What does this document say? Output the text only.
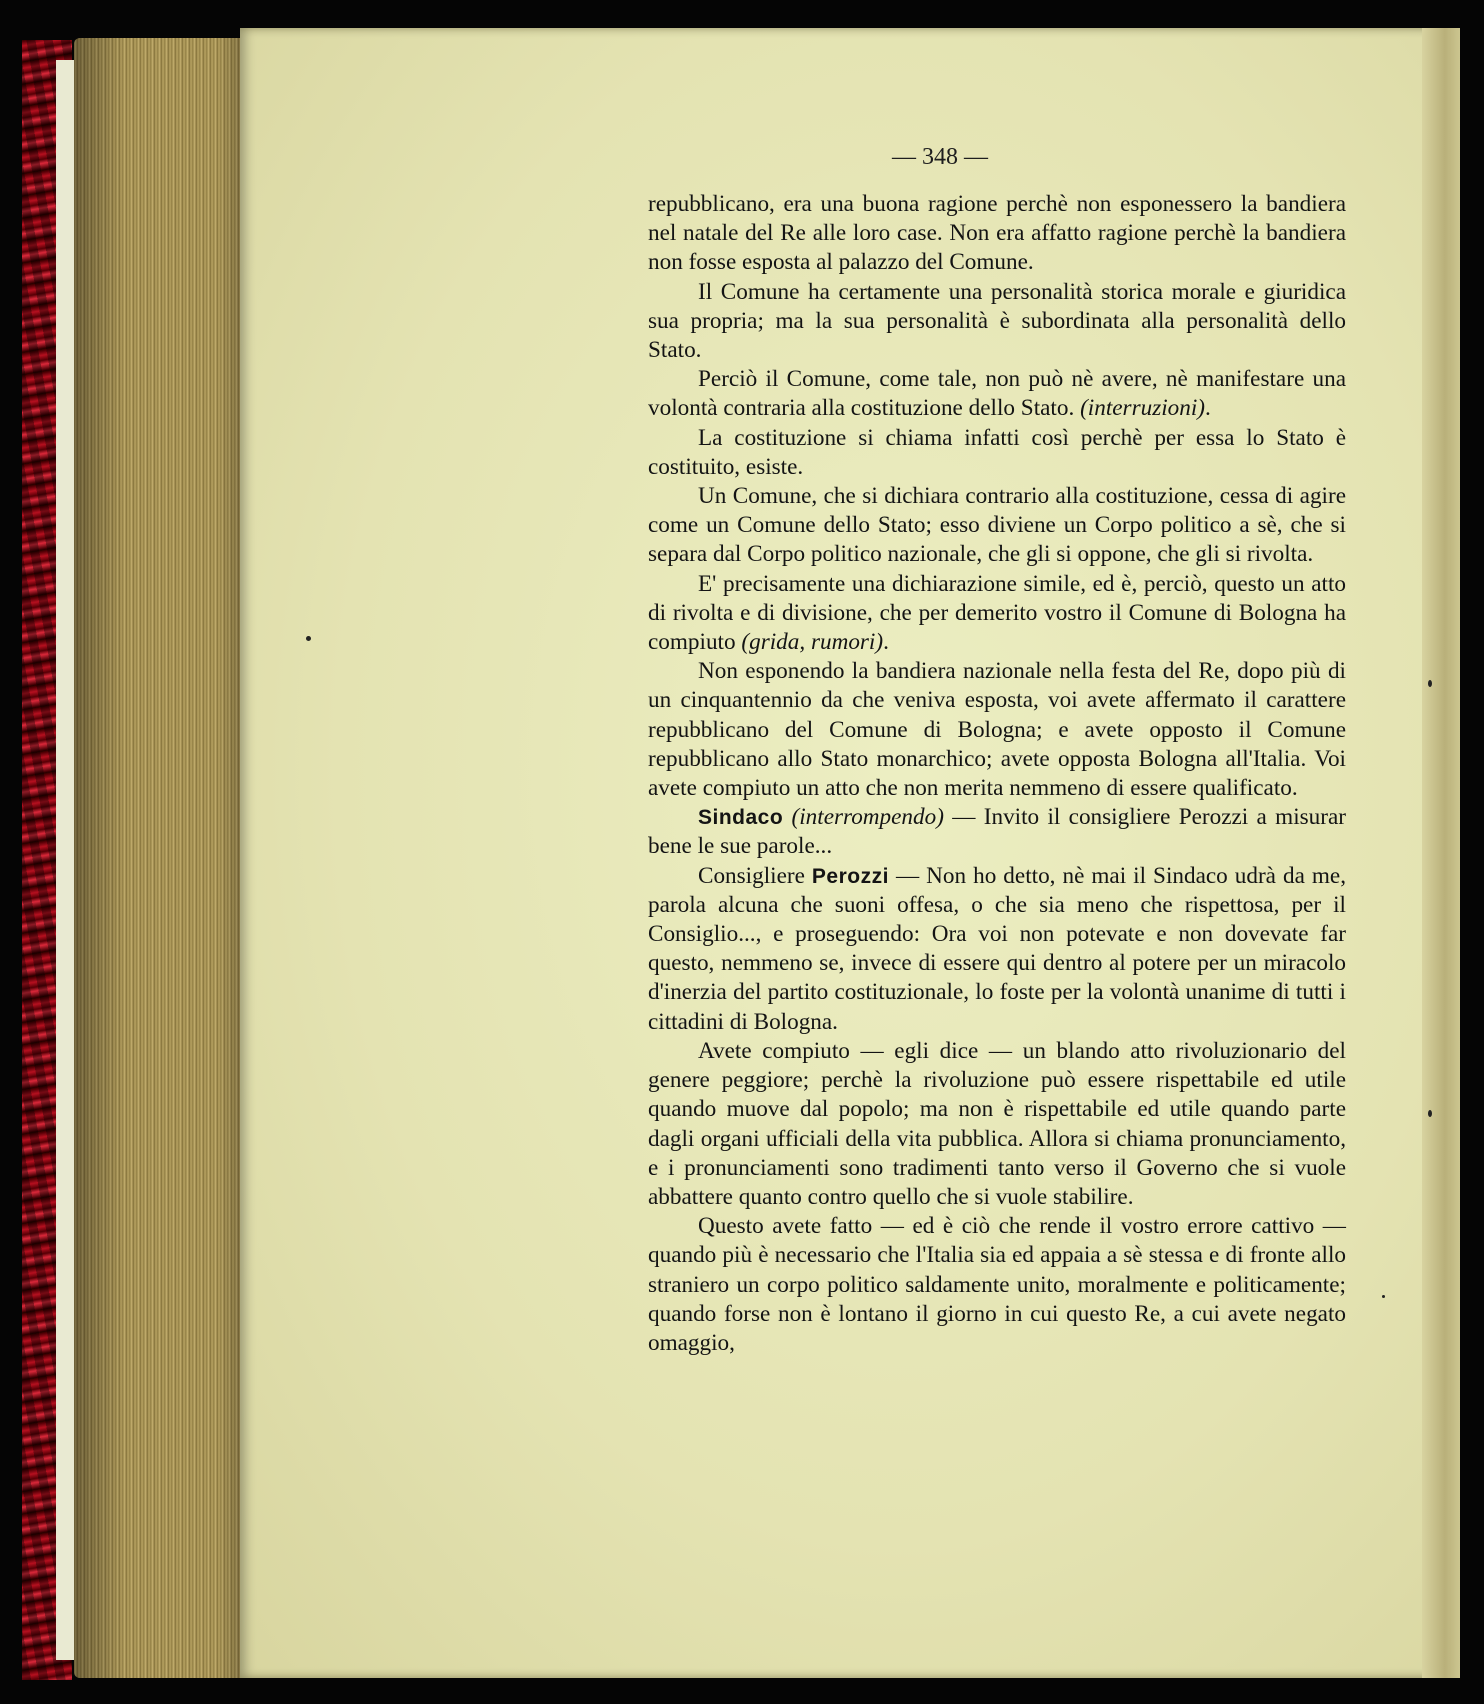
— 348 —

repubblicano, era una buona ragione perchè non esponessero la bandiera nel natale del Re alle loro case. Non era affatto ragione perchè la bandiera non fosse esposta al palazzo del Comune.

Il Comune ha certamente una personalità storica morale e giuridica sua propria; ma la sua personalità è subordinata alla personalità dello Stato.

Perciò il Comune, come tale, non può nè avere, nè manifestare una volontà contraria alla costituzione dello Stato. (interruzioni).

La costituzione si chiama infatti così perchè per essa lo Stato è costituito, esiste.

Un Comune, che si dichiara contrario alla costituzione, cessa di agire come un Comune dello Stato; esso diviene un Corpo politico a sè, che si separa dal Corpo politico nazionale, che gli si oppone, che gli si rivolta.

E' precisamente una dichiarazione simile, ed è, perciò, questo un atto di rivolta e di divisione, che per demerito vostro il Comune di Bologna ha compiuto (grida, rumori).

Non esponendo la bandiera nazionale nella festa del Re, dopo più di un cinquantennio da che veniva esposta, voi avete affermato il carattere repubblicano del Comune di Bologna; e avete opposto il Comune repubblicano allo Stato monarchico; avete opposta Bologna all'Italia. Voi avete compiuto un atto che non merita nemmeno di essere qualificato.

Sindaco (interrompendo) — Invito il consigliere Perozzi a misurar bene le sue parole...

Consigliere Perozzi — Non ho detto, nè mai il Sindaco udrà da me, parola alcuna che suoni offesa, o che sia meno che rispettosa, per il Consiglio..., e proseguendo: Ora voi non potevate e non dovevate far questo, nemmeno se, invece di essere qui dentro al potere per un miracolo d'inerzia del partito costituzionale, lo foste per la volontà unanime di tutti i cittadini di Bologna.

Avete compiuto — egli dice — un blando atto rivoluzionario del genere peggiore; perchè la rivoluzione può essere rispettabile ed utile quando muove dal popolo; ma non è rispettabile ed utile quando parte dagli organi ufficiali della vita pubblica. Allora si chiama pronunciamento, e i pronunciamenti sono tradimenti tanto verso il Governo che si vuole abbattere quanto contro quello che si vuole stabilire.

Questo avete fatto — ed è ciò che rende il vostro errore cattivo — quando più è necessario che l'Italia sia ed appaia a sè stessa e di fronte allo straniero un corpo politico saldamente unito, moralmente e politicamente; quando forse non è lontano il giorno in cui questo Re, a cui avete negato omaggio,
